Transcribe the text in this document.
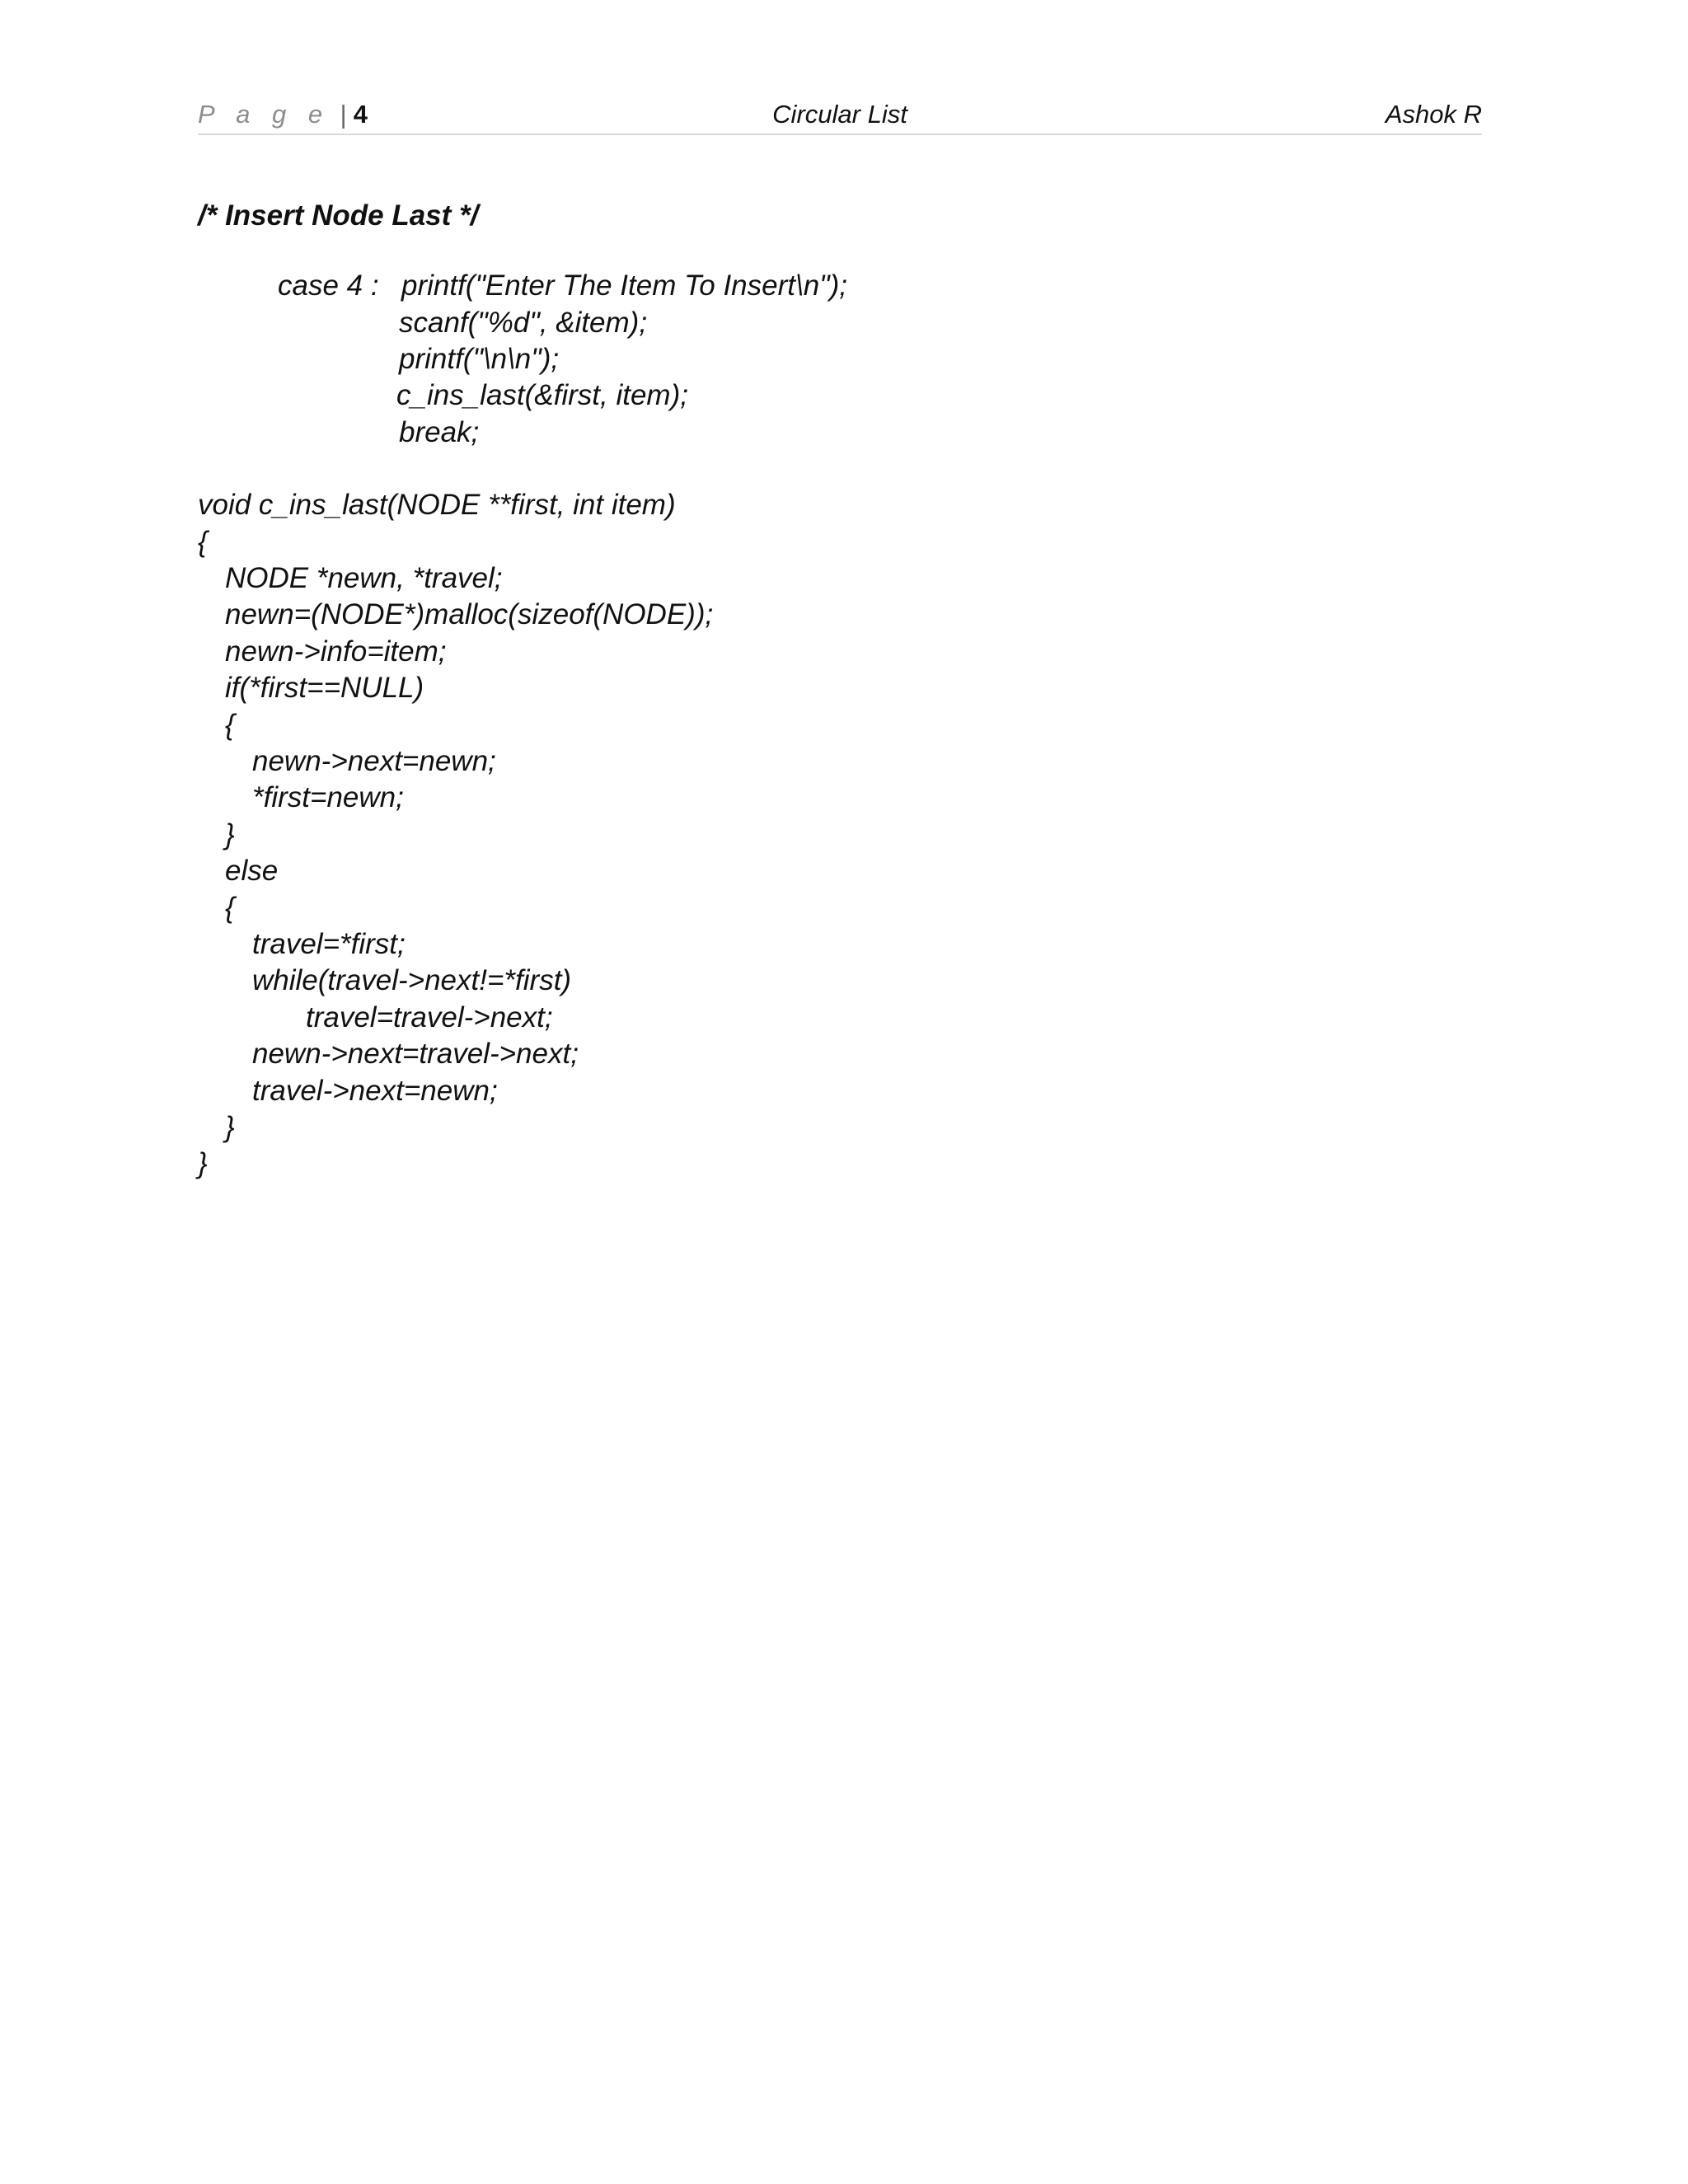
P a g e | 4	Circular List	Ashok R
/* Insert Node Last */
case 4 : printf("Enter The Item To Insert\n");
scanf("%d", &item);
printf("\n\n");
c_ins_last(&first, item);
break;
void c_ins_last(NODE **first, int item)
{
NODE *newn, *travel;
newn=(NODE*)malloc(sizeof(NODE));
newn->info=item;
if(*first==NULL)
{
newn->next=newn;
*first=newn;
}
else
{
travel=*first;
while(travel->next!=*first)
travel=travel->next;
newn->next=travel->next;
travel->next=newn;
}
}
